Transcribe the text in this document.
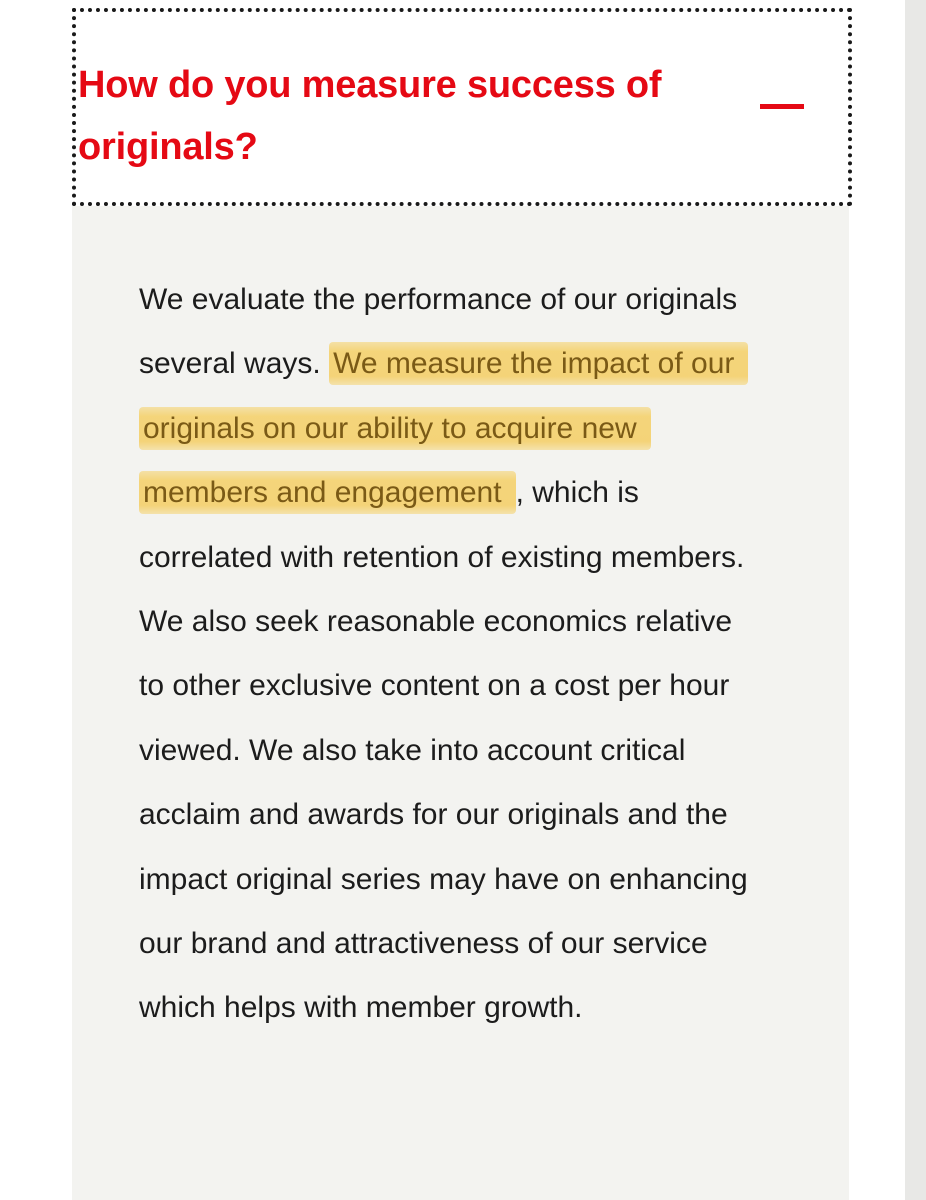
How do you measure success of originals?

We evaluate the performance of our originals several ways. We measure the impact of our originals on our ability to acquire new members and engagement , which is correlated with retention of existing members. We also seek reasonable economics relative to other exclusive content on a cost per hour viewed. We also take into account critical acclaim and awards for our originals and the impact original series may have on enhancing our brand and attractiveness of our service which helps with member growth.
